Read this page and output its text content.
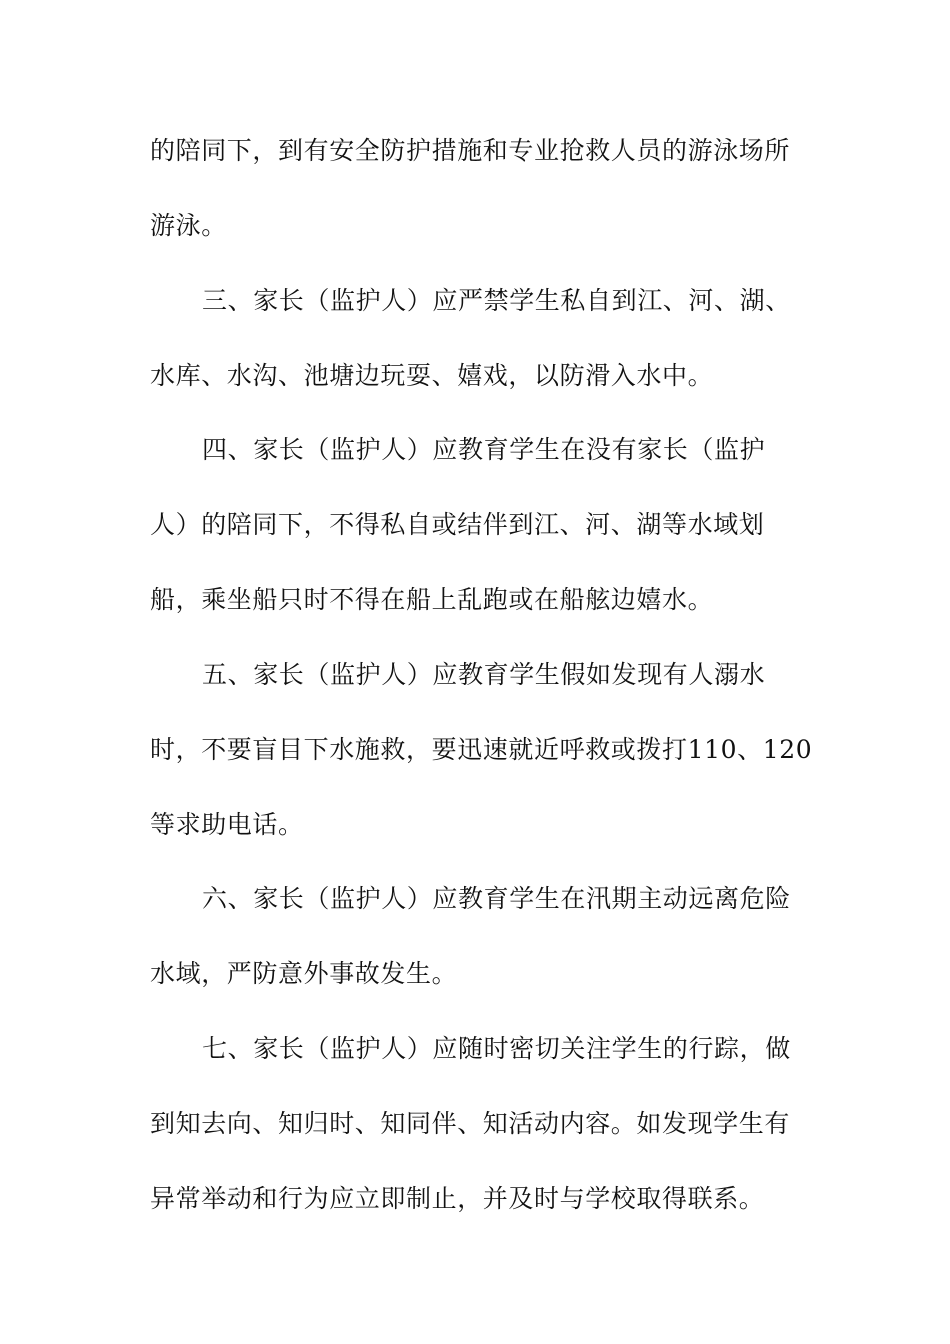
的陪同下，到有安全防护措施和专业抢救人员的游泳场所
游泳。
三、家长（监护人）应严禁学生私自到江、河、湖、
水库、水沟、池塘边玩耍、嬉戏，以防滑入水中。
四、家长（监护人）应教育学生在没有家长（监护
人）的陪同下，不得私自或结伴到江、河、湖等水域划
船，乘坐船只时不得在船上乱跑或在船舷边嬉水。
五、家长（监护人）应教育学生假如发现有人溺水
时，不要盲目下水施救，要迅速就近呼救或拨打110、120
等求助电话。
六、家长（监护人）应教育学生在汛期主动远离危险
水域，严防意外事故发生。
七、家长（监护人）应随时密切关注学生的行踪，做
到知去向、知归时、知同伴、知活动内容。如发现学生有
异常举动和行为应立即制止，并及时与学校取得联系。
